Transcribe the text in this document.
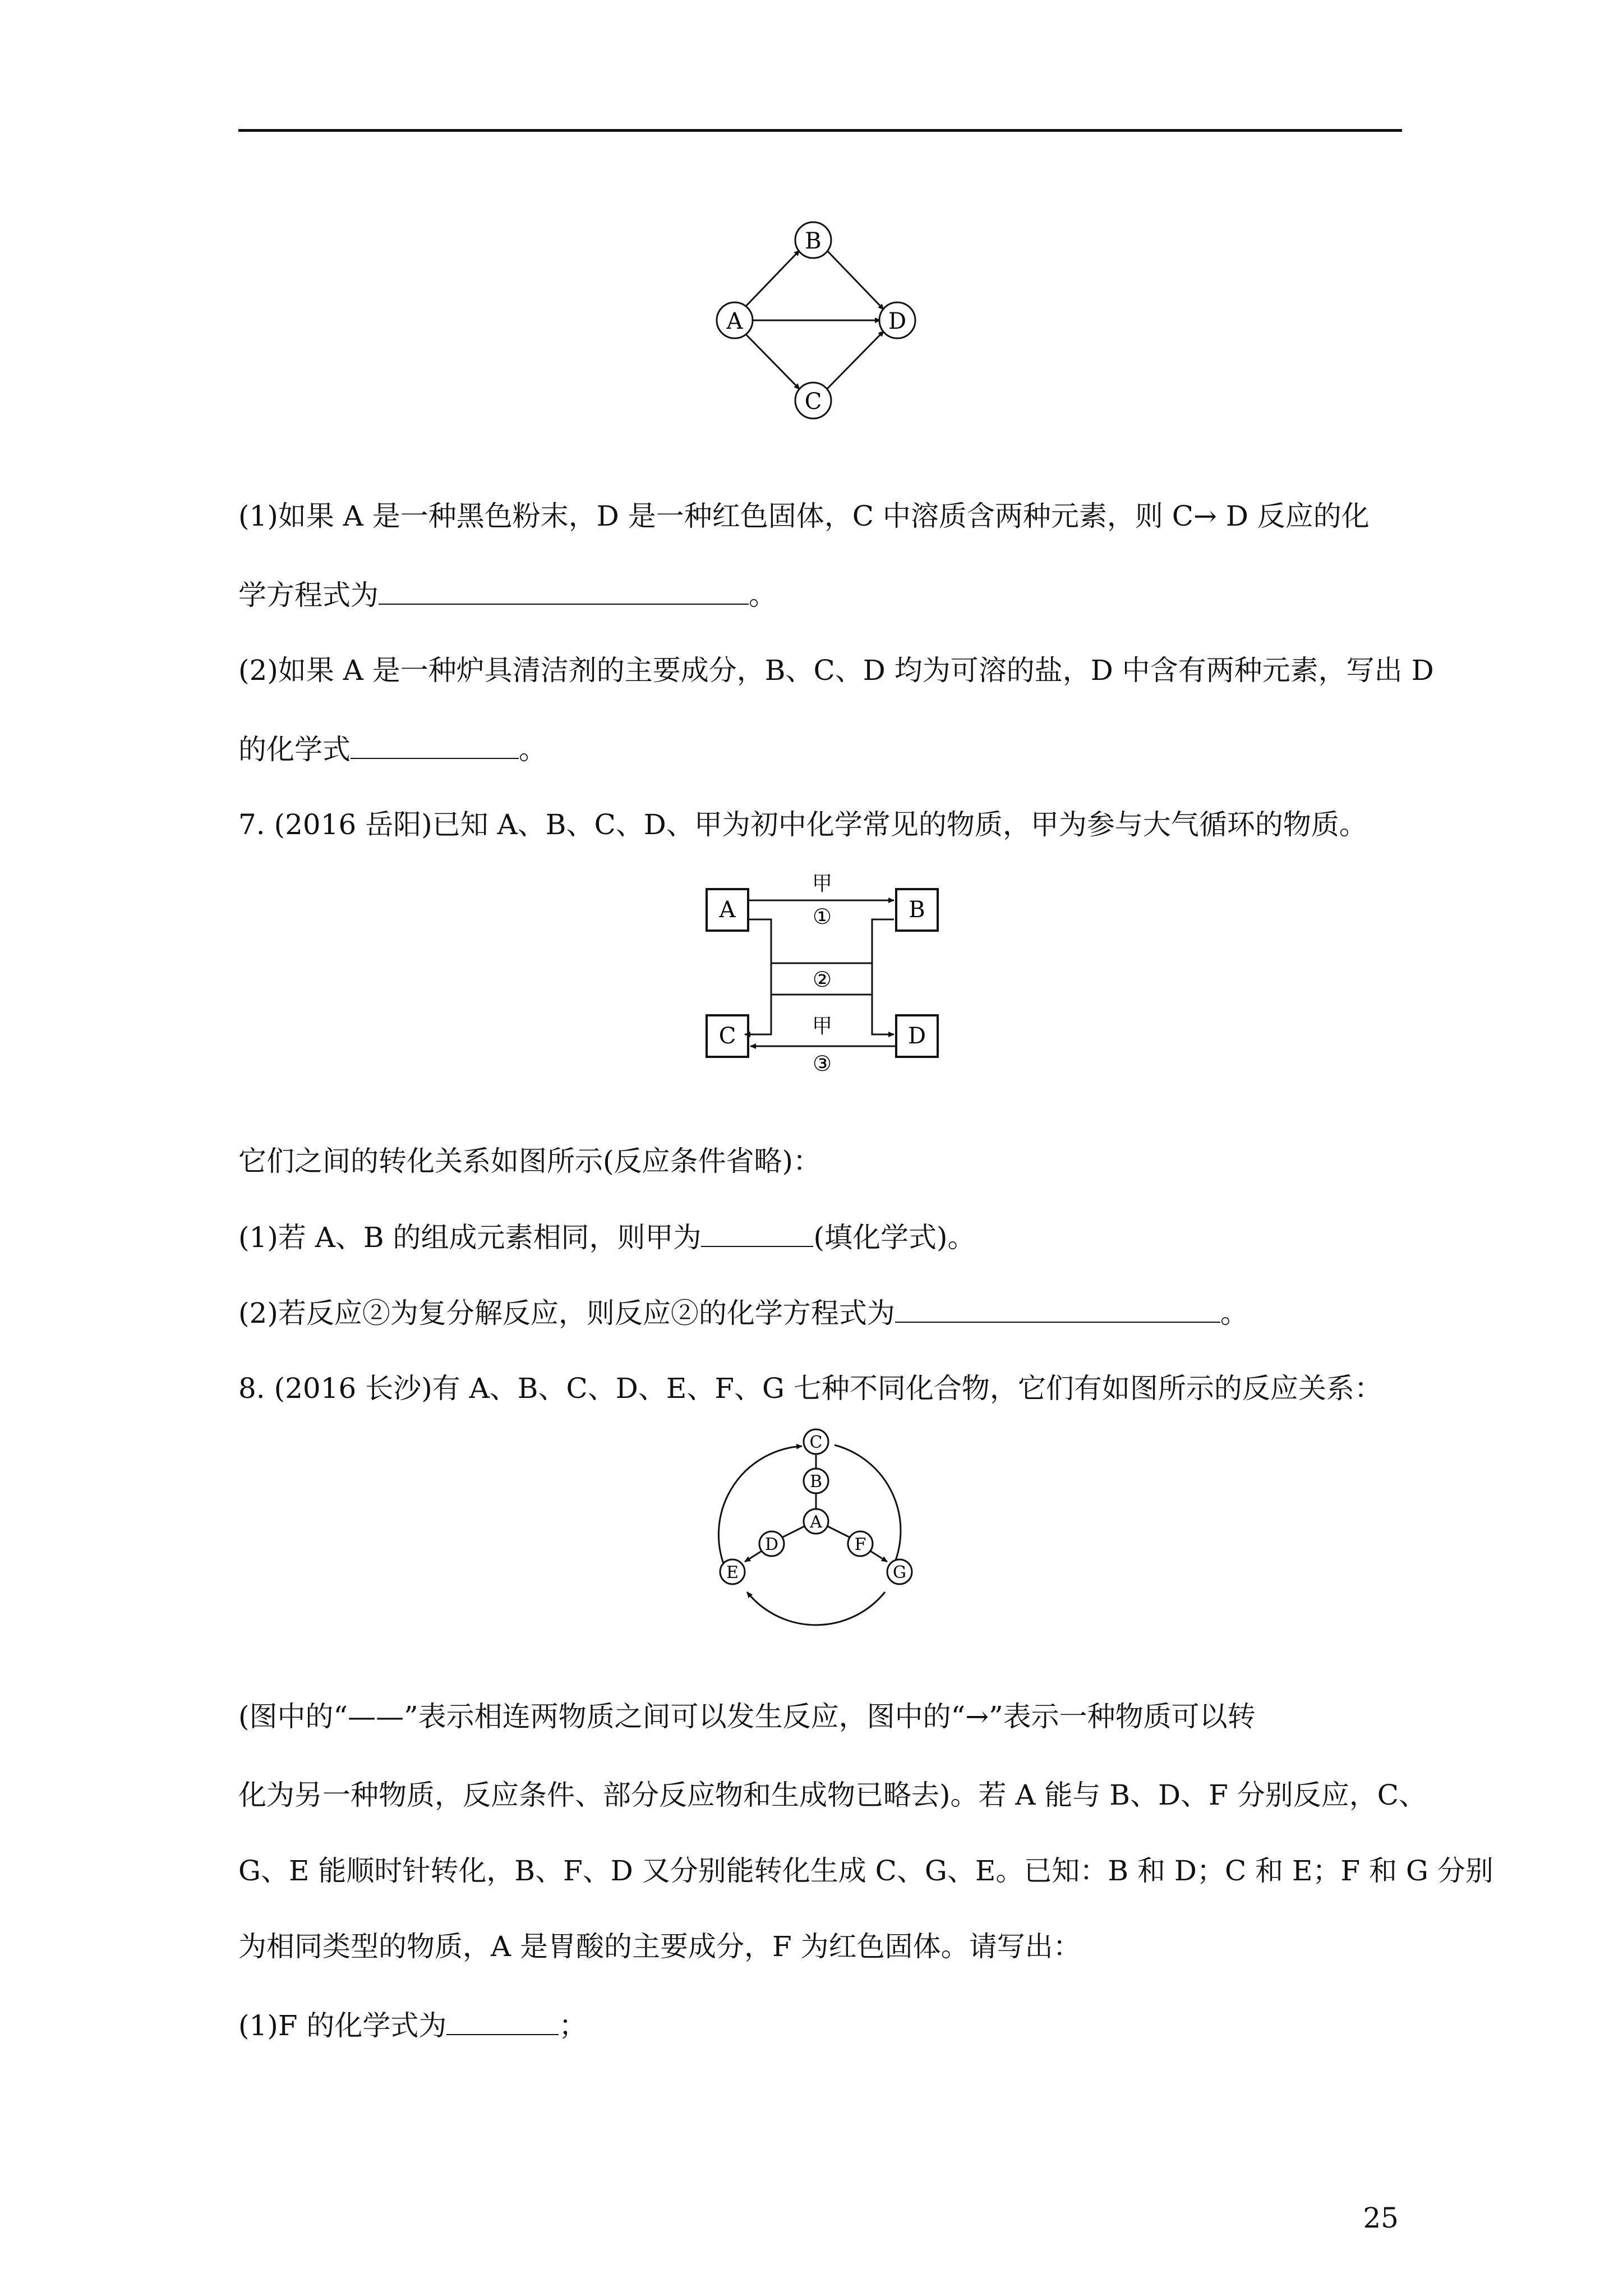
A
B
C
D
(1)如果 A 是一种黑色粉末，D 是一种红色固体，C 中溶质含两种元素，则 C→ D 反应的化
学方程式为	。
(2)如果 A 是一种炉具清洁剂的主要成分，B、C、D 均为可溶的盐，D 中含有两种元素，写出 D
的化学式	。
7. (2016 岳阳)已知 A、B、C、D、甲为初中化学常见的物质，甲为参与大气循环的物质。
A	B
C	D
甲
①
②
甲
③
它们之间的转化关系如图所示(反应条件省略)：
(1)若 A、B 的组成元素相同，则甲为	(填化学式)。
(2)若反应②为复分解反应，则反应②的化学方程式为	。
8. (2016 长沙)有 A、B、C、D、E、F、G 七种不同化合物，它们有如图所示的反应关系：
C
B
A
D	F
E	G
(图中的“——”表示相连两物质之间可以发生反应，图中的“→”表示一种物质可以转
化为另一种物质，反应条件、部分反应物和生成物已略去)。若 A 能与 B、D、F 分别反应，C、
G、E 能顺时针转化，B、F、D 又分别能转化生成 C、G、E。已知：B 和 D；C 和 E；F 和 G 分别
为相同类型的物质，A 是胃酸的主要成分，F 为红色固体。请写出：
(1)F 的化学式为	；
25
